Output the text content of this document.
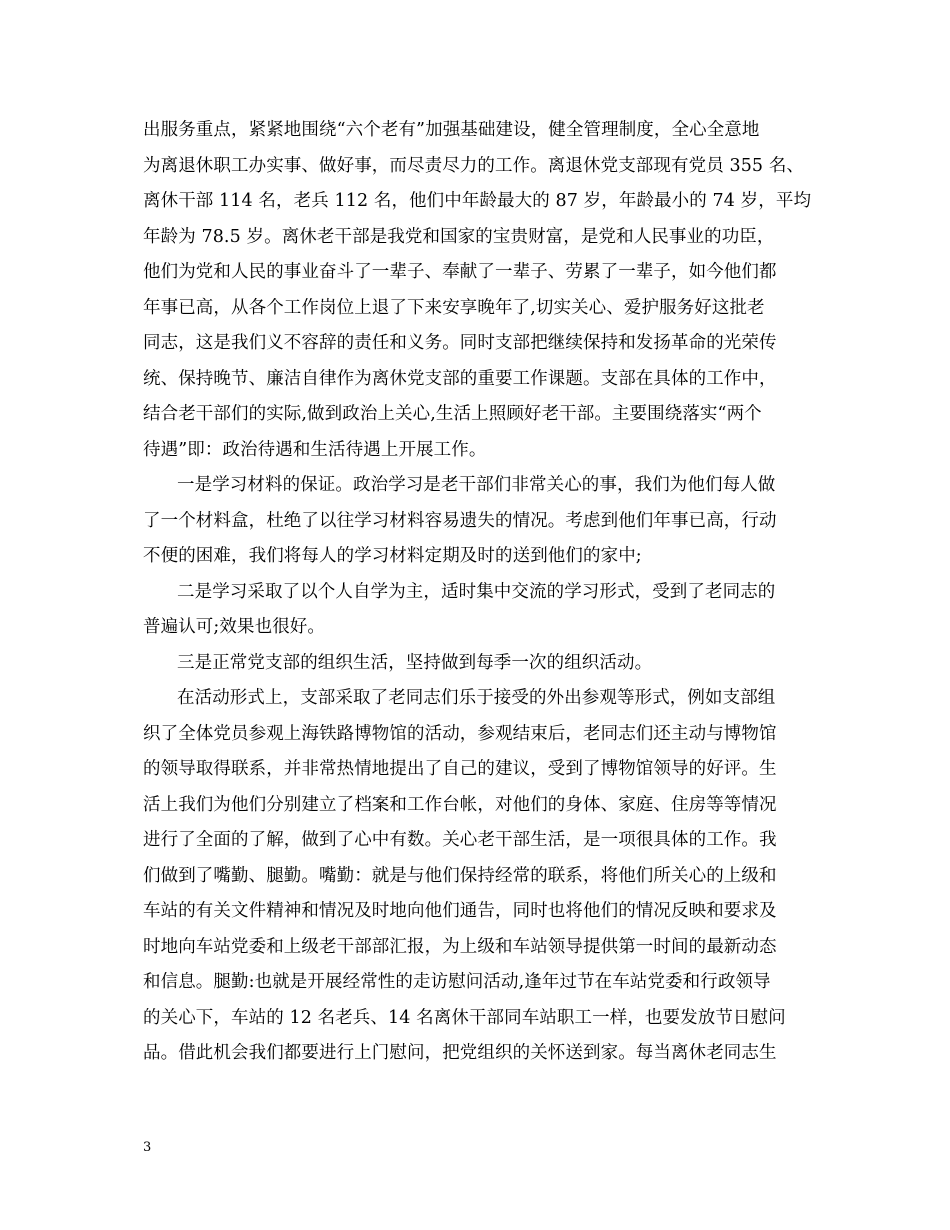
出服务重点，紧紧地围绕“六个老有”加强基础建设，健全管理制度，全心全意地
为离退休职工办实事、做好事，而尽责尽力的工作。离退休党支部现有党员 355 名、
离休干部 114 名，老兵 112 名，他们中年龄最大的 87 岁，年龄最小的 74 岁，平均
年龄为 78.5 岁。离休老干部是我党和国家的宝贵财富，是党和人民事业的功臣，
他们为党和人民的事业奋斗了一辈子、奉献了一辈子、劳累了一辈子，如今他们都
年事已高，从各个工作岗位上退了下来安享晚年了,切实关心、爱护服务好这批老
同志，这是我们义不容辞的责任和义务。同时支部把继续保持和发扬革命的光荣传
统、保持晚节、廉洁自律作为离休党支部的重要工作课题。支部在具体的工作中，
结合老干部们的实际,做到政治上关心,生活上照顾好老干部。主要围绕落实“两个
待遇”即：政治待遇和生活待遇上开展工作。
一是学习材料的保证。政治学习是老干部们非常关心的事，我们为他们每人做
了一个材料盒，杜绝了以往学习材料容易遗失的情况。考虑到他们年事已高，行动
不便的困难，我们将每人的学习材料定期及时的送到他们的家中;
二是学习采取了以个人自学为主，适时集中交流的学习形式，受到了老同志的
普遍认可;效果也很好。
三是正常党支部的组织生活，坚持做到每季一次的组织活动。
在活动形式上，支部采取了老同志们乐于接受的外出参观等形式，例如支部组
织了全体党员参观上海铁路博物馆的活动，参观结束后，老同志们还主动与博物馆
的领导取得联系，并非常热情地提出了自己的建议，受到了博物馆领导的好评。生
活上我们为他们分别建立了档案和工作台帐，对他们的身体、家庭、住房等等情况
进行了全面的了解，做到了心中有数。关心老干部生活，是一项很具体的工作。我
们做到了嘴勤、腿勤。嘴勤：就是与他们保持经常的联系，将他们所关心的上级和
车站的有关文件精神和情况及时地向他们通告，同时也将他们的情况反映和要求及
时地向车站党委和上级老干部部汇报，为上级和车站领导提供第一时间的最新动态
和信息。腿勤:也就是开展经常性的走访慰问活动,逢年过节在车站党委和行政领导
的关心下，车站的 12 名老兵、14 名离休干部同车站职工一样，也要发放节日慰问
品。借此机会我们都要进行上门慰问，把党组织的关怀送到家。每当离休老同志生
3
